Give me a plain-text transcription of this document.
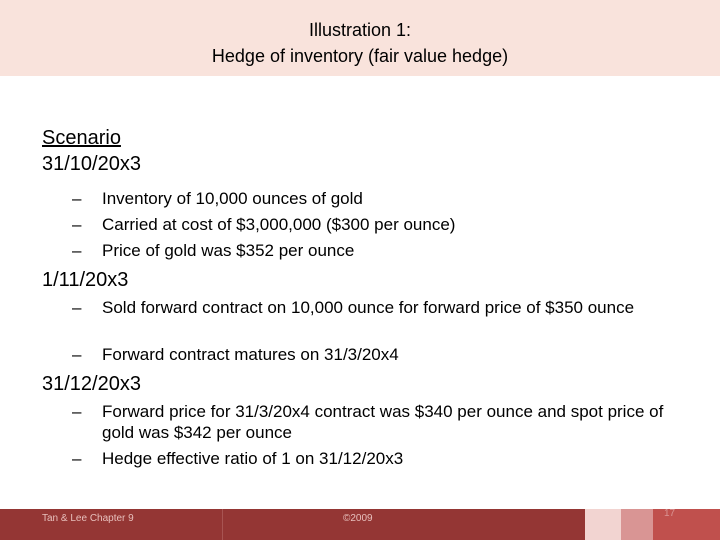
Illustration 1:
Hedge of inventory (fair value hedge)
Scenario
31/10/20x3
–	Inventory of 10,000 ounces of gold
–	Carried at cost of $3,000,000 ($300 per ounce)
–	Price of gold was $352 per ounce
1/11/20x3
–	Sold forward contract on 10,000 ounce for forward price of $350 ounce
–	Forward contract matures on 31/3/20x4
31/12/20x3
–	Forward price for 31/3/20x4 contract was $340 per ounce and spot price of gold was $342 per ounce
–	Hedge effective ratio of 1 on 31/12/20x3
Tan & Lee Chapter 9	©2009	17
